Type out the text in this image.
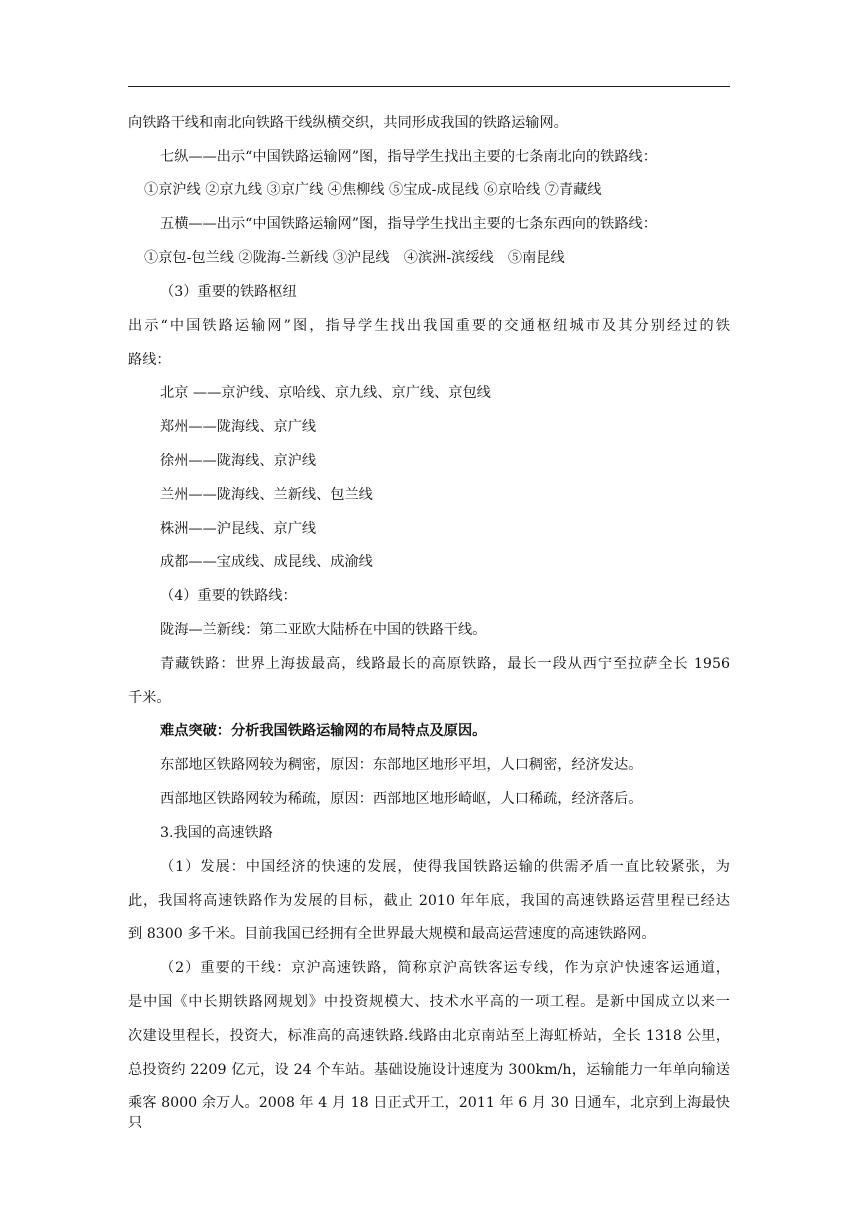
向铁路干线和南北向铁路干线纵横交织，共同形成我国的铁路运输网。
七纵——出示“中国铁路运输网”图，指导学生找出主要的七条南北向的铁路线：
①京沪线 ②京九线 ③京广线 ④焦柳线 ⑤宝成-成昆线 ⑥京哈线 ⑦青藏线
五横——出示“中国铁路运输网”图，指导学生找出主要的七条东西向的铁路线：
①京包-包兰线 ②陇海-兰新线 ③沪昆线　④滨洲-滨绥线　⑤南昆线
（3）重要的铁路枢纽
出示“中国铁路运输网”图，指导学生找出我国重要的交通枢纽城市及其分别经过的铁
路线：
北京 ——京沪线、京哈线、京九线、京广线、京包线
郑州——陇海线、京广线
徐州——陇海线、京沪线
兰州——陇海线、兰新线、包兰线
株洲——沪昆线、京广线
成都——宝成线、成昆线、成渝线
（4）重要的铁路线：
陇海—兰新线：第二亚欧大陆桥在中国的铁路干线。
青藏铁路：世界上海拔最高，线路最长的高原铁路，最长一段从西宁至拉萨全长 1956
千米。
难点突破：分析我国铁路运输网的布局特点及原因。
东部地区铁路网较为稠密，原因：东部地区地形平坦，人口稠密，经济发达。
西部地区铁路网较为稀疏，原因：西部地区地形崎岖，人口稀疏，经济落后。
3.我国的高速铁路
（1）发展：中国经济的快速的发展，使得我国铁路运输的供需矛盾一直比较紧张，为
此，我国将高速铁路作为发展的目标，截止 2010 年年底，我国的高速铁路运营里程已经达
到 8300 多千米。目前我国已经拥有全世界最大规模和最高运营速度的高速铁路网。
（2）重要的干线：京沪高速铁路，简称京沪高铁客运专线，作为京沪快速客运通道，
是中国《中长期铁路网规划》中投资规模大、技术水平高的一项工程。是新中国成立以来一
次建设里程长，投资大，标准高的高速铁路.线路由北京南站至上海虹桥站，全长 1318 公里，
总投资约 2209 亿元，设 24 个车站。基础设施设计速度为 300km/h，运输能力一年单向输送
乘客 8000 余万人。2008 年 4 月 18 日正式开工，2011 年 6 月 30 日通车，北京到上海最快只
